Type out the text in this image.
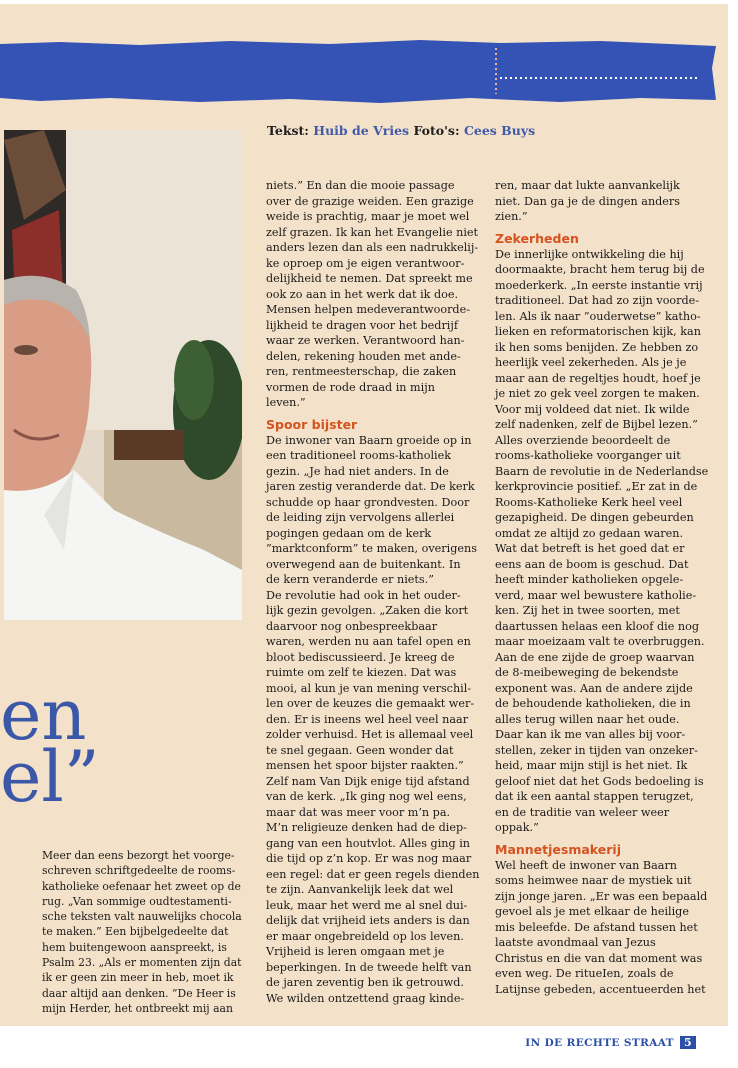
Tekst: Huib de Vries Foto's: Cees Buys
en
el”
Meer dan eens bezorgt het voorge-
schreven schriftgedeelte de rooms-
katholieke oefenaar het zweet op de
rug. „Van sommige oudtestamenti-
sche teksten valt nauwelijks chocola
te maken.” Een bijbelgedeelte dat
hem buitengewoon aanspreekt, is
Psalm 23. „Als er momenten zijn dat
ik er geen zin meer in heb, moet ik
daar altijd aan denken. ”De Heer is
mijn Herder, het ontbreekt mij aan
niets.” En dan die mooie passage
over de grazige weiden. Een grazige
weide is prachtig, maar je moet wel
zelf grazen. Ik kan het Evangelie niet
anders lezen dan als een nadrukkelij-
ke oproep om je eigen verantwoor-
delijkheid te nemen. Dat spreekt me
ook zo aan in het werk dat ik doe.
Mensen helpen medeverantwoorde-
lijkheid te dragen voor het bedrijf
waar ze werken. Verantwoord han-
delen, rekening houden met ande-
ren, rentmeesterschap, die zaken
vormen de rode draad in mijn
leven.”
Spoor bijster
De inwoner van Baarn groeide op in
een traditioneel rooms-katholiek
gezin. „Je had niet anders. In de
jaren zestig veranderde dat. De kerk
schudde op haar grondvesten. Door
de leiding zijn vervolgens allerlei
pogingen gedaan om de kerk
”marktconform” te maken, overigens
overwegend aan de buitenkant. In
de kern veranderde er niets.”
De revolutie had ook in het ouder-
lijk gezin gevolgen. „Zaken die kort
daarvoor nog onbespreekbaar
waren, werden nu aan tafel open en
bloot bediscussieerd. Je kreeg de
ruimte om zelf te kiezen. Dat was
mooi, al kun je van mening verschil-
len over de keuzes die gemaakt wer-
den. Er is ineens wel heel veel naar
zolder verhuisd. Het is allemaal veel
te snel gegaan. Geen wonder dat
mensen het spoor bijster raakten.”
Zelf nam Van Dijk enige tijd afstand
van de kerk. „Ik ging nog wel eens,
maar dat was meer voor m’n pa.
M’n religieuze denken had de diep-
gang van een houtvlot. Alles ging in
die tijd op z’n kop. Er was nog maar
een regel: dat er geen regels dienden
te zijn. Aanvankelijk leek dat wel
leuk, maar het werd me al snel dui-
delijk dat vrijheid iets anders is dan
er maar ongebreideld op los leven.
Vrijheid is leren omgaan met je
beperkingen. In de tweede helft van
de jaren zeventig ben ik getrouwd.
We wilden ontzettend graag kinde-
ren, maar dat lukte aanvankelijk
niet. Dan ga je de dingen anders
zien.”
Zekerheden
De innerlijke ontwikkeling die hij
doormaakte, bracht hem terug bij de
moederkerk. „In eerste instantie vrij
traditioneel. Dat had zo zijn voorde-
len. Als ik naar ”ouderwetse” katho-
lieken en reformatorischen kijk, kan
ik hen soms benijden. Ze hebben zo
heerlijk veel zekerheden. Als je je
maar aan de regeltjes houdt, hoef je
je niet zo gek veel zorgen te maken.
Voor mij voldeed dat niet. Ik wilde
zelf nadenken, zelf de Bijbel lezen.”
Alles overziende beoordeelt de
rooms-katholieke voorganger uit
Baarn de revolutie in de Nederlandse
kerkprovincie positief. „Er zat in de
Rooms-Katholieke Kerk heel veel
gezapigheid. De dingen gebeurden
omdat ze altijd zo gedaan waren.
Wat dat betreft is het goed dat er
eens aan de boom is geschud. Dat
heeft minder katholieken opgele-
verd, maar wel bewustere katholie-
ken. Zij het in twee soorten, met
daartussen helaas een kloof die nog
maar moeizaam valt te overbruggen.
Aan de ene zijde de groep waarvan
de 8-meibeweging de bekendste
exponent was. Aan de andere zijde
de behoudende katholieken, die in
alles terug willen naar het oude.
Daar kan ik me van alles bij voor-
stellen, zeker in tijden van onzeker-
heid, maar mijn stijl is het niet. Ik
geloof niet dat het Gods bedoeling is
dat ik een aantal stappen terugzet,
en de traditie van weleer weer
oppak.”
Mannetjesmakerij
Wel heeft de inwoner van Baarn
soms heimwee naar de mystiek uit
zijn jonge jaren. „Er was een bepaald
gevoel als je met elkaar de heilige
mis beleefde. De afstand tussen het
laatste avondmaal van Jezus
Christus en die van dat moment was
even weg. De ritueIen, zoals de
Latijnse gebeden, accentueerden het
IN DE RECHTE STRAAT 5
